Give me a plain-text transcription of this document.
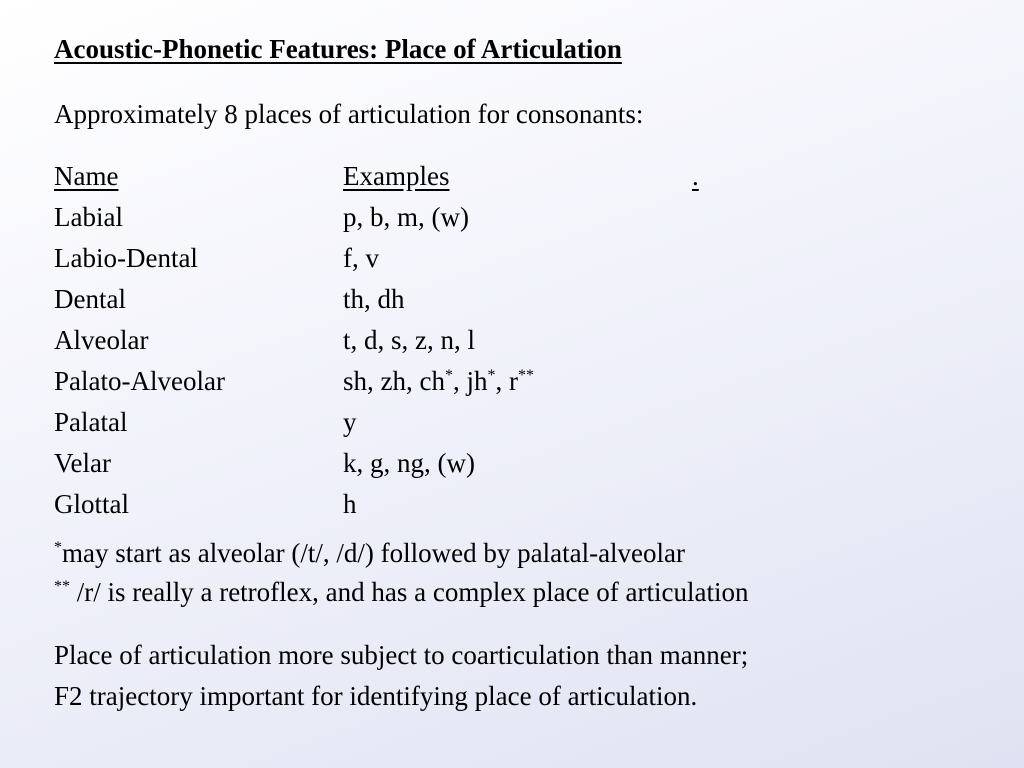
Acoustic-Phonetic Features: Place of Articulation
Approximately 8 places of articulation for consonants:
Name	Examples	.
Labial	p, b, m, (w)
Labio-Dental	f, v
Dental	th, dh
Alveolar	t, d, s, z, n, l
Palato-Alveolar	sh, zh, ch*, jh*, r**
Palatal	y
Velar	k, g, ng, (w)
Glottal	h
*may start as alveolar (/t/, /d/) followed by palatal-alveolar
** /r/ is really a retroflex, and has a complex place of articulation
Place of articulation more subject to coarticulation than manner;
F2 trajectory important for identifying place of articulation.
